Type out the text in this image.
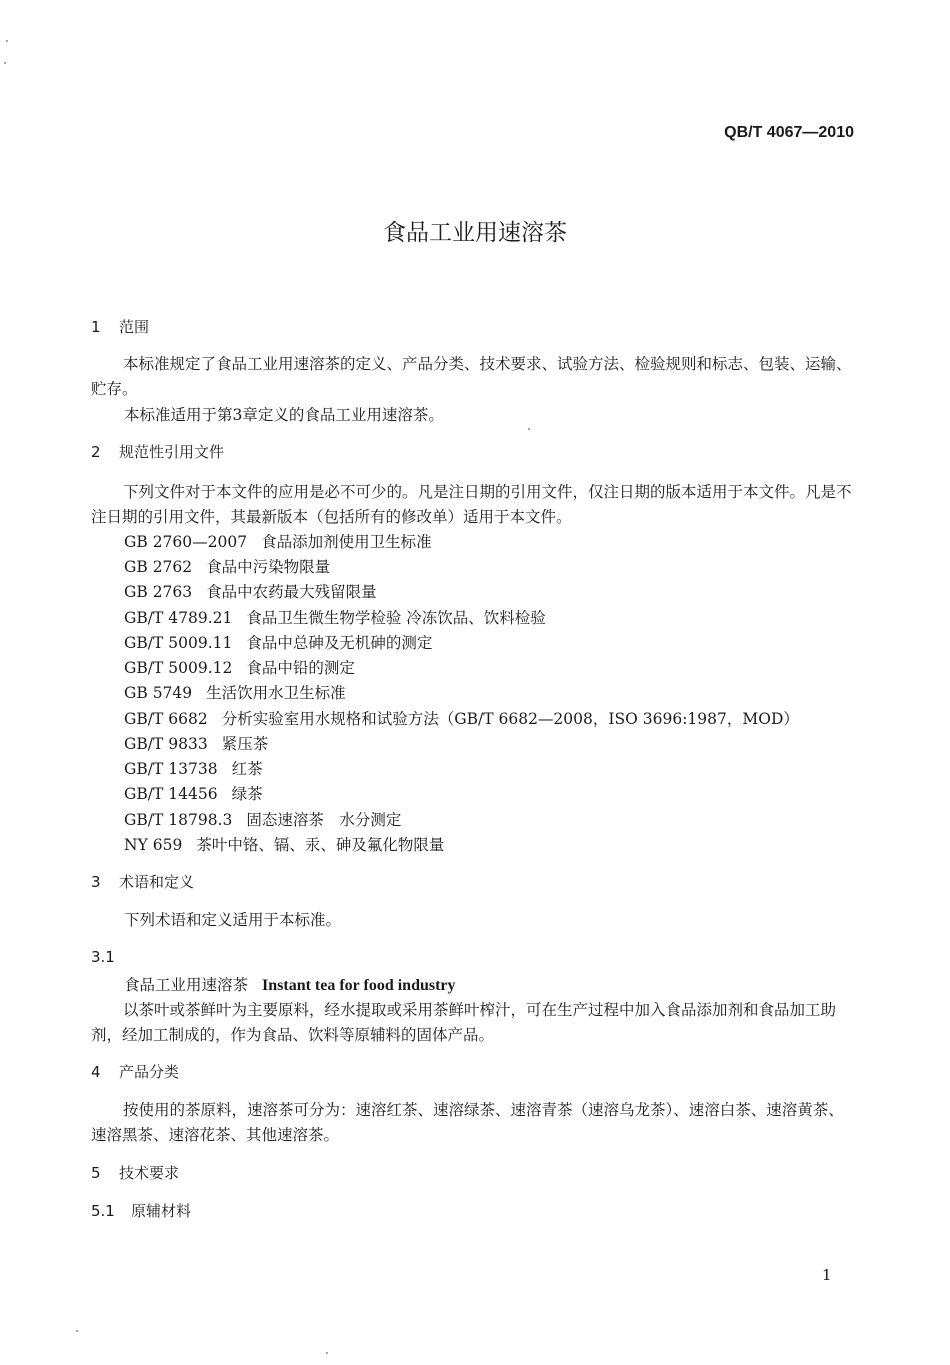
QB/T 4067—2010
食品工业用速溶茶
1 范围
本标准规定了食品工业用速溶茶的定义、产品分类、技术要求、试验方法、检验规则和标志、包装、运输、贮存。
本标准适用于第3章定义的食品工业用速溶茶。
2 规范性引用文件
下列文件对于本文件的应用是必不可少的。凡是注日期的引用文件，仅注日期的版本适用于本文件。凡是不注日期的引用文件，其最新版本（包括所有的修改单）适用于本文件。
GB 2760—2007 食品添加剂使用卫生标准
GB 2762 食品中污染物限量
GB 2763 食品中农药最大残留限量
GB/T 4789.21 食品卫生微生物学检验 冷冻饮品、饮料检验
GB/T 5009.11 食品中总砷及无机砷的测定
GB/T 5009.12 食品中铅的测定
GB 5749 生活饮用水卫生标准
GB/T 6682 分析实验室用水规格和试验方法（GB/T 6682—2008，ISO 3696:1987，MOD）
GB/T 9833 紧压茶
GB/T 13738 红茶
GB/T 14456 绿茶
GB/T 18798.3 固态速溶茶　水分测定
NY 659 茶叶中铬、镉、汞、砷及氟化物限量
3 术语和定义
下列术语和定义适用于本标准。
3.1
食品工业用速溶茶 Instant tea for food industry
以茶叶或茶鲜叶为主要原料，经水提取或采用茶鲜叶榨汁，可在生产过程中加入食品添加剂和食品加工助剂，经加工制成的，作为食品、饮料等原辅料的固体产品。
4 产品分类
按使用的茶原料，速溶茶可分为：速溶红茶、速溶绿茶、速溶青茶（速溶乌龙茶）、速溶白茶、速溶黄茶、速溶黑茶、速溶花茶、其他速溶茶。
5 技术要求
5.1 原辅材料
1
